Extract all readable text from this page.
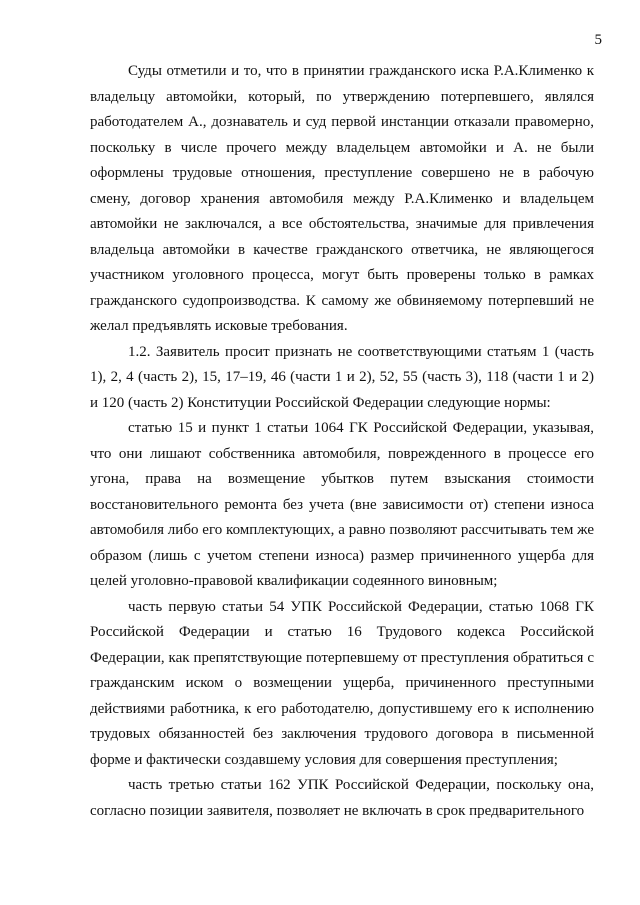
5

Суды отметили и то, что в принятии гражданского иска Р.А.Клименко к владельцу автомойки, который, по утверждению потерпевшего, являлся работодателем А., дознаватель и суд первой инстанции отказали правомерно, поскольку в числе прочего между владельцем автомойки и А. не были оформлены трудовые отношения, преступление совершено не в рабочую смену, договор хранения автомобиля между Р.А.Клименко и владельцем автомойки не заключался, а все обстоятельства, значимые для привлечения владельца автомойки в качестве гражданского ответчика, не являющегося участником уголовного процесса, могут быть проверены только в рамках гражданского судопроизводства. К самому же обвиняемому потерпевший не желал предъявлять исковые требования.

1.2. Заявитель просит признать не соответствующими статьям 1 (часть 1), 2, 4 (часть 2), 15, 17–19, 46 (части 1 и 2), 52, 55 (часть 3), 118 (части 1 и 2) и 120 (часть 2) Конституции Российской Федерации следующие нормы:

статью 15 и пункт 1 статьи 1064 ГК Российской Федерации, указывая, что они лишают собственника автомобиля, поврежденного в процессе его угона, права на возмещение убытков путем взыскания стоимости восстановительного ремонта без учета (вне зависимости от) степени износа автомобиля либо его комплектующих, а равно позволяют рассчитывать тем же образом (лишь с учетом степени износа) размер причиненного ущерба для целей уголовно-правовой квалификации содеянного виновным;

часть первую статьи 54 УПК Российской Федерации, статью 1068 ГК Российской Федерации и статью 16 Трудового кодекса Российской Федерации, как препятствующие потерпевшему от преступления обратиться с гражданским иском о возмещении ущерба, причиненного преступными действиями работника, к его работодателю, допустившему его к исполнению трудовых обязанностей без заключения трудового договора в письменной форме и фактически создавшему условия для совершения преступления;

часть третью статьи 162 УПК Российской Федерации, поскольку она, согласно позиции заявителя, позволяет не включать в срок предварительного
